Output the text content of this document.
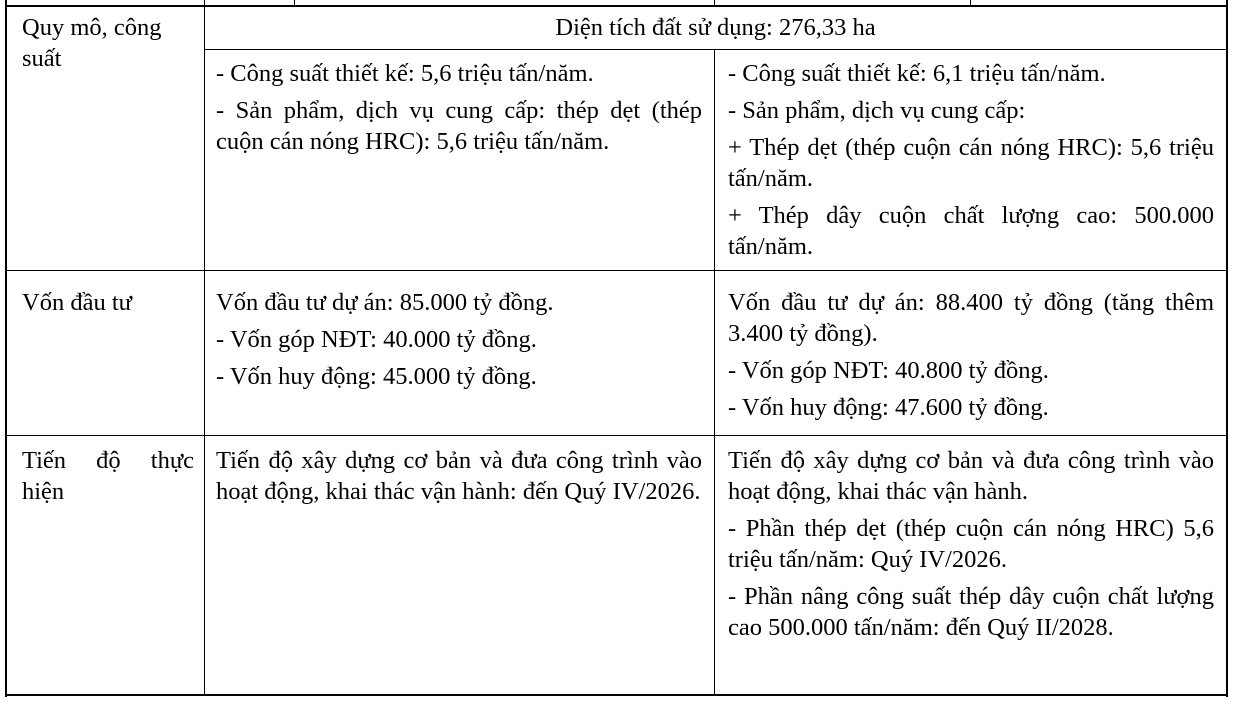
Quy mô, công suất

Diện tích đất sử dụng: 276,33 ha

- Công suất thiết kế: 5,6 triệu tấn/năm.

- Sản phẩm, dịch vụ cung cấp: thép dẹt (thép cuộn cán nóng HRC): 5,6 triệu tấn/năm.

- Công suất thiết kế: 6,1 triệu tấn/năm.

- Sản phẩm, dịch vụ cung cấp:

+ Thép dẹt (thép cuộn cán nóng HRC): 5,6 triệu tấn/năm.

+ Thép dây cuộn chất lượng cao: 500.000 tấn/năm.

Vốn đầu tư	Vốn đầu tư dự án: 85.000 tỷ đồng.

- Vốn góp NĐT: 40.000 tỷ đồng.

- Vốn huy động: 45.000 tỷ đồng.

Vốn đầu tư dự án: 88.400 tỷ đồng (tăng thêm 3.400 tỷ đồng).

- Vốn góp NĐT: 40.800 tỷ đồng.

- Vốn huy động: 47.600 tỷ đồng.

Tiến độ thực hiện

Tiến độ xây dựng cơ bản và đưa công trình vào hoạt động, khai thác vận hành: đến Quý IV/2026.

Tiến độ xây dựng cơ bản và đưa công trình vào hoạt động, khai thác vận hành.

- Phần thép dẹt (thép cuộn cán nóng HRC) 5,6 triệu tấn/năm: Quý IV/2026.

- Phần nâng công suất thép dây cuộn chất lượng cao 500.000 tấn/năm: đến Quý II/2028.
